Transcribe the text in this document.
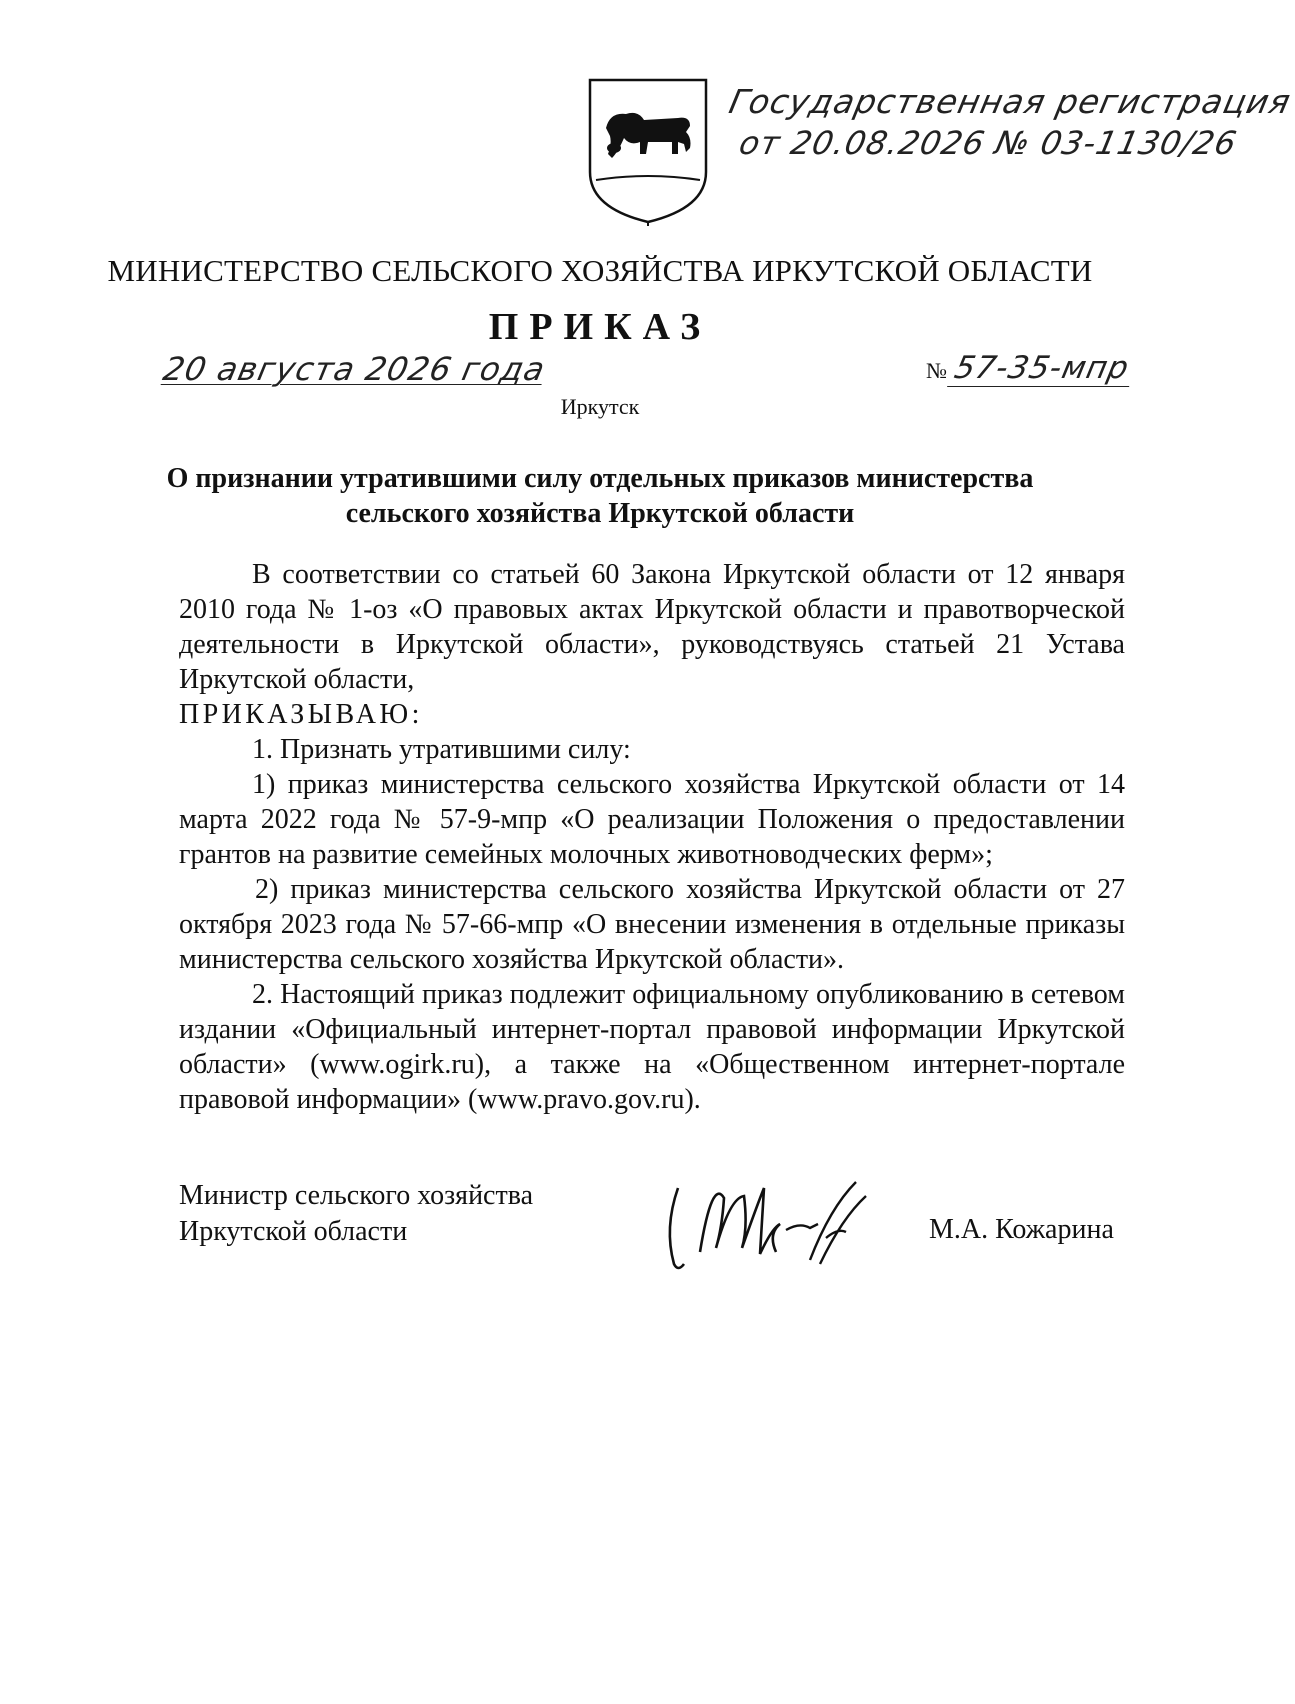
Государственная регистрация
от 20.08.2026 № 03-1130/26
МИНИСТЕРСТВО СЕЛЬСКОГО ХОЗЯЙСТВА ИРКУТСКОЙ ОБЛАСТИ
ПРИКАЗ
20 августа 2026 года	№ 57-35-мпр
Иркутск
О признании утратившими силу отдельных приказов министерства сельского хозяйства Иркутской области

В соответствии со статьей 60 Закона Иркутской области от 12 января 2010 года № 1-оз «О правовых актах Иркутской области и правотворческой деятельности в Иркутской области», руководствуясь статьей 21 Устава Иркутской области,

ПРИКАЗЫВАЮ:

1. Признать утратившими силу:

1) приказ министерства сельского хозяйства Иркутской области от 14 марта 2022 года № 57-9-мпр «О реализации Положения о предоставлении грантов на развитие семейных молочных животноводческих ферм»;

2) приказ министерства сельского хозяйства Иркутской области от 27 октября 2023 года № 57-66-мпр «О внесении изменения в отдельные приказы министерства сельского хозяйства Иркутской области».

2. Настоящий приказ подлежит официальному опубликованию в сетевом издании «Официальный интернет-портал правовой информации Иркутской области» (www.ogirk.ru), а также на «Общественном интернет-портале правовой информации» (www.pravo.gov.ru).

Министр сельского хозяйства
Иркутской области	М.А. Кожарина
